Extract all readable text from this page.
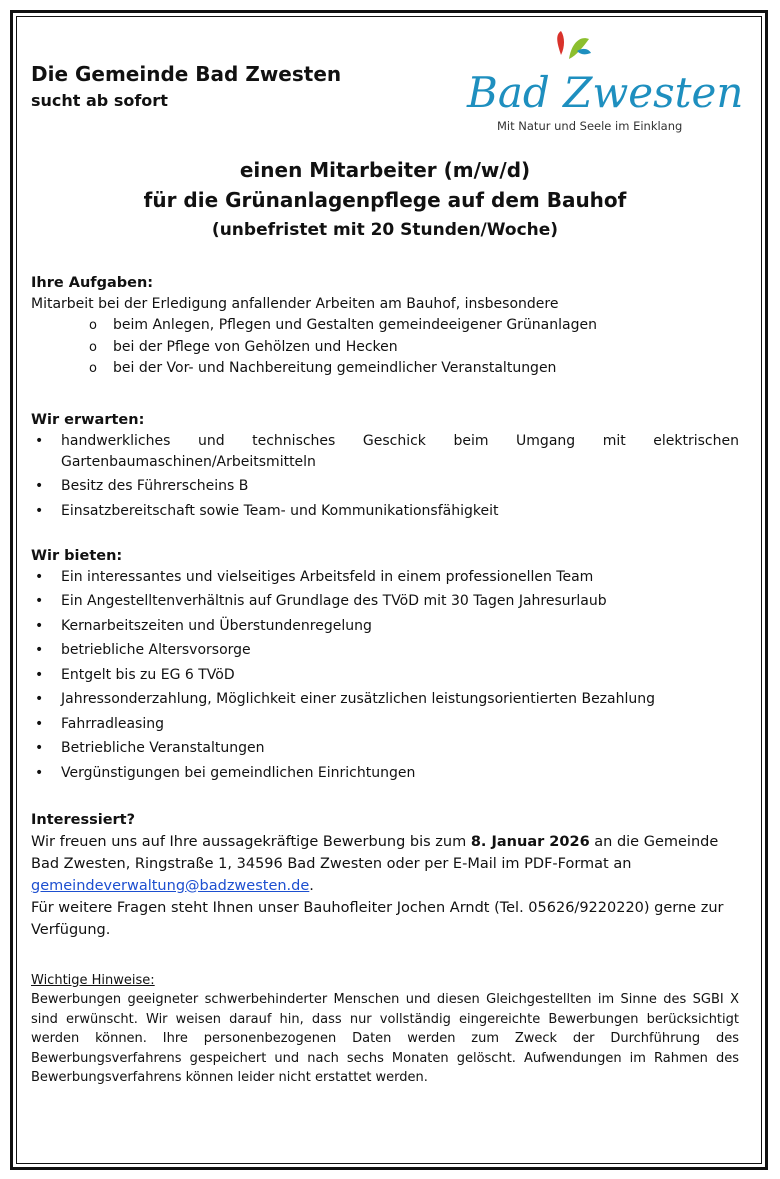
Bad Zwesten
Mit Natur und Seele im Einklang

Die Gemeinde Bad Zwesten

sucht ab sofort

einen Mitarbeiter (m/w/d)

für die Grünanlagenpflege auf dem Bauhof

(unbefristet mit 20 Stunden/Woche)

Ihre Aufgaben:

Mitarbeit bei der Erledigung anfallender Arbeiten am Bauhof, insbesondere

o beim Anlegen, Pflegen und Gestalten gemeindeeigener Grünanlagen
o bei der Pflege von Gehölzen und Hecken
o bei der Vor- und Nachbereitung gemeindlicher Veranstaltungen

Wir erwarten:

• handwerkliches und technisches Geschick beim Umgang mit elektrischen Gartenbaumaschinen/Arbeitsmitteln
• Besitz des Führerscheins B
• Einsatzbereitschaft sowie Team- und Kommunikationsfähigkeit

Wir bieten:

• Ein interessantes und vielseitiges Arbeitsfeld in einem professionellen Team
• Ein Angestelltenverhältnis auf Grundlage des TVöD mit 30 Tagen Jahresurlaub
• Kernarbeitszeiten und Überstundenregelung
• betriebliche Altersvorsorge
• Entgelt bis zu EG 6 TVöD
• Jahressonderzahlung, Möglichkeit einer zusätzlichen leistungsorientierten Bezahlung
• Fahrradleasing
• Betriebliche Veranstaltungen
• Vergünstigungen bei gemeindlichen Einrichtungen

Interessiert?

Wir freuen uns auf Ihre aussagekräftige Bewerbung bis zum 8. Januar 2026 an die Gemeinde Bad Zwesten, Ringstraße 1, 34596 Bad Zwesten oder per E-Mail im PDF-Format an gemeindeverwaltung@badzwesten.de.

Für weitere Fragen steht Ihnen unser Bauhofleiter Jochen Arndt (Tel. 05626/9220220) gerne zur Verfügung.

Wichtige Hinweise:

Bewerbungen geeigneter schwerbehinderter Menschen und diesen Gleichgestellten im Sinne des SGBI X sind erwünscht. Wir weisen darauf hin, dass nur vollständig eingereichte Bewerbungen berücksichtigt werden können. Ihre personenbezogenen Daten werden zum Zweck der Durchführung des Bewerbungsverfahrens gespeichert und nach sechs Monaten gelöscht. Aufwendungen im Rahmen des Bewerbungsverfahrens können leider nicht erstattet werden.
